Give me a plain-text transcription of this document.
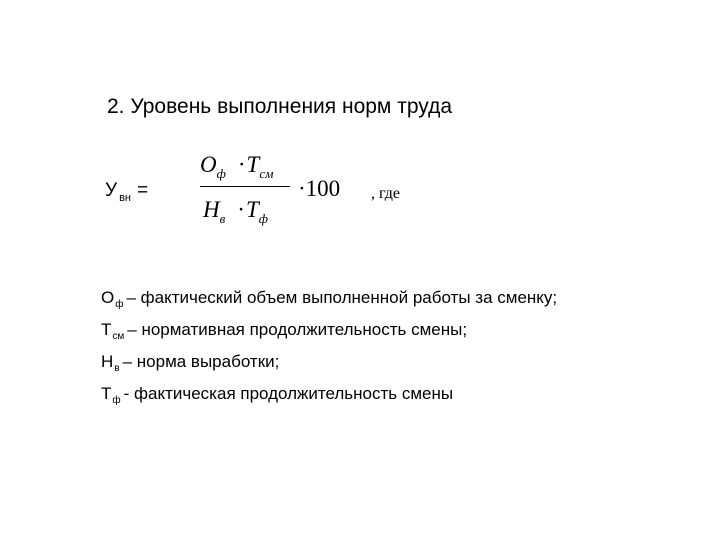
2. Уровень выполнения норм труда
У $_{вн}$ =
$О_ф \cdot Т_{см}$
$Н_в \cdot Т_ф$
·100 , где

$О_ф$ – фактический объем выполненной работы за сменку;

$Т_{см}$ – нормативная продолжительность смены;

$Н_в$ – норма выработки;

$Т_ф$ - фактическая продолжительность смены
